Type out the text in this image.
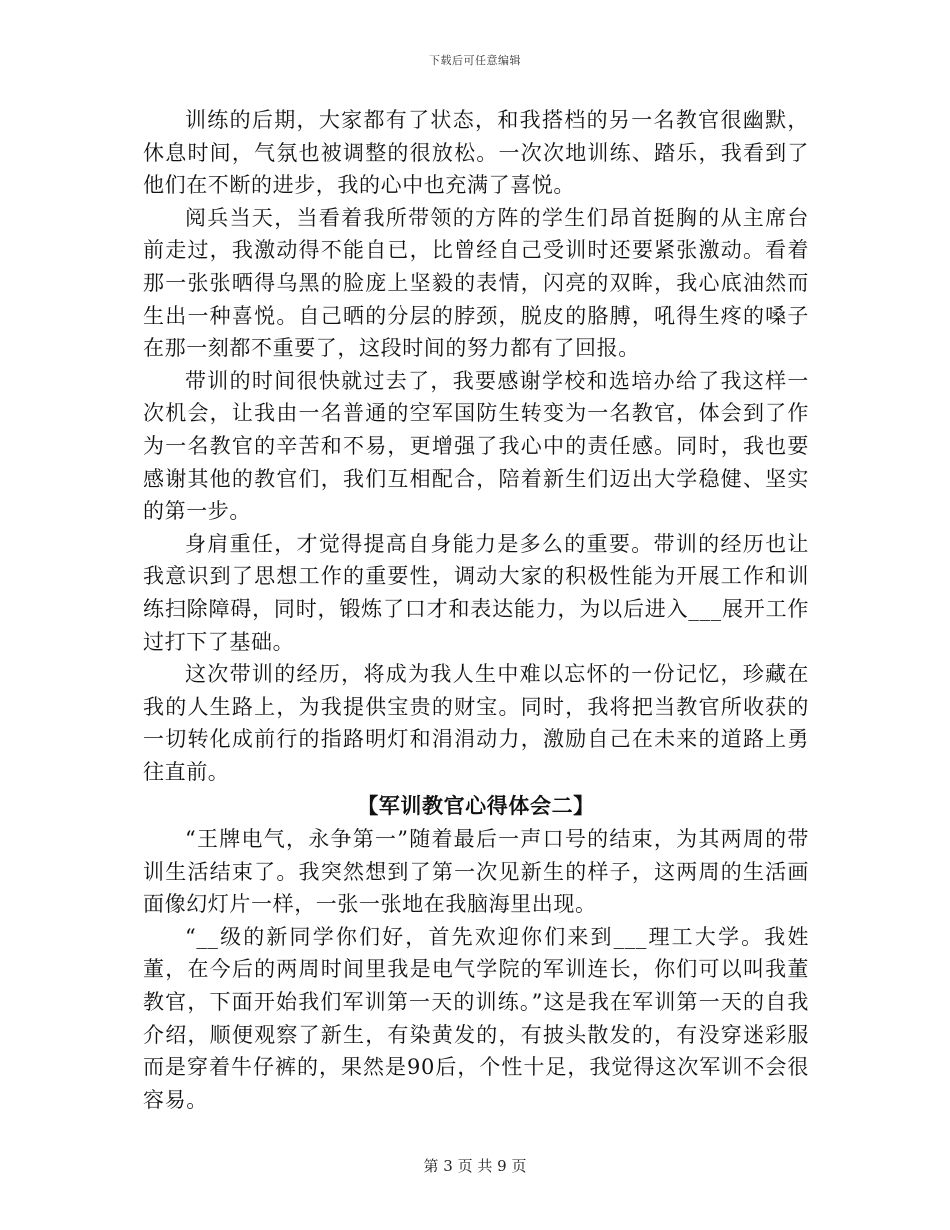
下载后可任意编辑

训练的后期，大家都有了状态，和我搭档的另一名教官很幽默，休息时间，气氛也被调整的很放松。一次次地训练、踏乐，我看到了他们在不断的进步，我的心中也充满了喜悦。

阅兵当天，当看着我所带领的方阵的学生们昂首挺胸的从主席台前走过，我激动得不能自已，比曾经自己受训时还要紧张激动。看着那一张张晒得乌黑的脸庞上坚毅的表情，闪亮的双眸，我心底油然而生出一种喜悦。自己晒的分层的脖颈，脱皮的胳膊，吼得生疼的嗓子在那一刻都不重要了，这段时间的努力都有了回报。

带训的时间很快就过去了，我要感谢学校和选培办给了我这样一次机会，让我由一名普通的空军国防生转变为一名教官，体会到了作为一名教官的辛苦和不易，更增强了我心中的责任感。同时，我也要感谢其他的教官们，我们互相配合，陪着新生们迈出大学稳健、坚实的第一步。

身肩重任，才觉得提高自身能力是多么的重要。带训的经历也让我意识到了思想工作的重要性，调动大家的积极性能为开展工作和训练扫除障碍，同时，锻炼了口才和表达能力，为以后进入___展开工作过打下了基础。

这次带训的经历，将成为我人生中难以忘怀的一份记忆，珍藏在我的人生路上，为我提供宝贵的财宝。同时，我将把当教官所收获的一切转化成前行的指路明灯和涓涓动力，激励自己在未来的道路上勇往直前。

【军训教官心得体会二】

“王牌电气，永争第一”随着最后一声口号的结束，为其两周的带训生活结束了。我突然想到了第一次见新生的样子，这两周的生活画面像幻灯片一样，一张一张地在我脑海里出现。

“__级的新同学你们好，首先欢迎你们来到___理工大学。我姓董，在今后的两周时间里我是电气学院的军训连长，你们可以叫我董教官，下面开始我们军训第一天的训练。”这是我在军训第一天的自我介绍，顺便观察了新生，有染黄发的，有披头散发的，有没穿迷彩服而是穿着牛仔裤的，果然是90后，个性十足，我觉得这次军训不会很容易。

第 3 页 共 9 页
